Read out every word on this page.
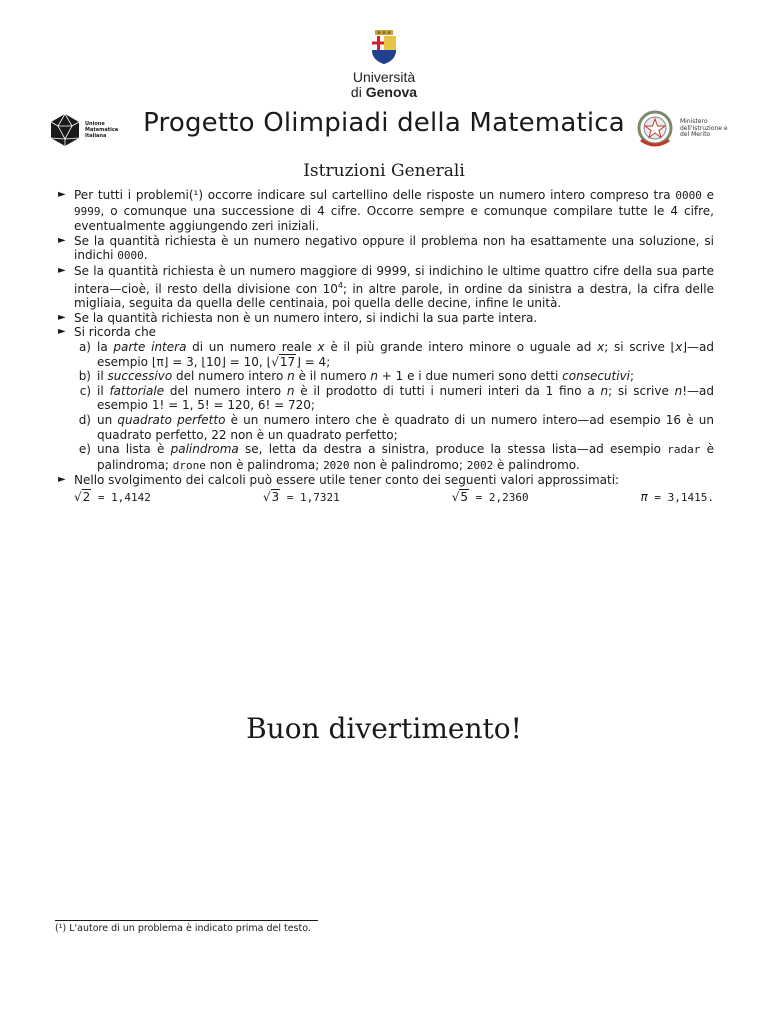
Università
di Genova
Unione Matematica Italiana
Ministero dell'Istruzione e del Merito
Progetto Olimpiadi della Matematica
Istruzioni Generali
► Per tutti i problemi(¹) occorre indicare sul cartellino delle risposte un numero intero compreso tra 0000 e 9999, o comunque una successione di 4 cifre. Occorre sempre e comunque compilare tutte le 4 cifre, eventualmente aggiungendo zeri iniziali.
► Se la quantità richiesta è un numero negativo oppure il problema non ha esattamente una soluzione, si indichi 0000.
► Se la quantità richiesta è un numero maggiore di 9999, si indichino le ultime quattro cifre della sua parte intera—cioè, il resto della divisione con $10^4$; in altre parole, in ordine da sinistra a destra, la cifra delle migliaia, seguita da quella delle centinaia, poi quella delle decine, infine le unità.
► Se la quantità richiesta non è un numero intero, si indichi la sua parte intera.
► Si ricorda che
a) la parte intera di un numero reale x è il più grande intero minore o uguale ad x; si scrive ⌊x⌋—ad esempio ⌊π⌋ = 3, ⌊10⌋ = 10, ⌊√17⌋ = 4;
b) il successivo del numero intero n è il numero n + 1 e i due numeri sono detti consecutivi;
c) il fattoriale del numero intero n è il prodotto di tutti i numeri interi da 1 fino a n; si scrive n!—ad esempio 1! = 1, 5! = 120, 6! = 720;
d) un quadrato perfetto è un numero intero che è quadrato di un numero intero—ad esempio 16 è un quadrato perfetto, 22 non è un quadrato perfetto;
e) una lista è palindroma se, letta da destra a sinistra, produce la stessa lista—ad esempio radar è palindroma; drone non è palindroma; 2020 non è palindromo; 2002 è palindromo.
► Nello svolgimento dei calcoli può essere utile tener conto dei seguenti valori approssimati:
√2 = 1,4142	√3 = 1,7321	√5 = 2,2360	π = 3,1415.
Buon divertimento!
(¹) L'autore di un problema è indicato prima del testo.
